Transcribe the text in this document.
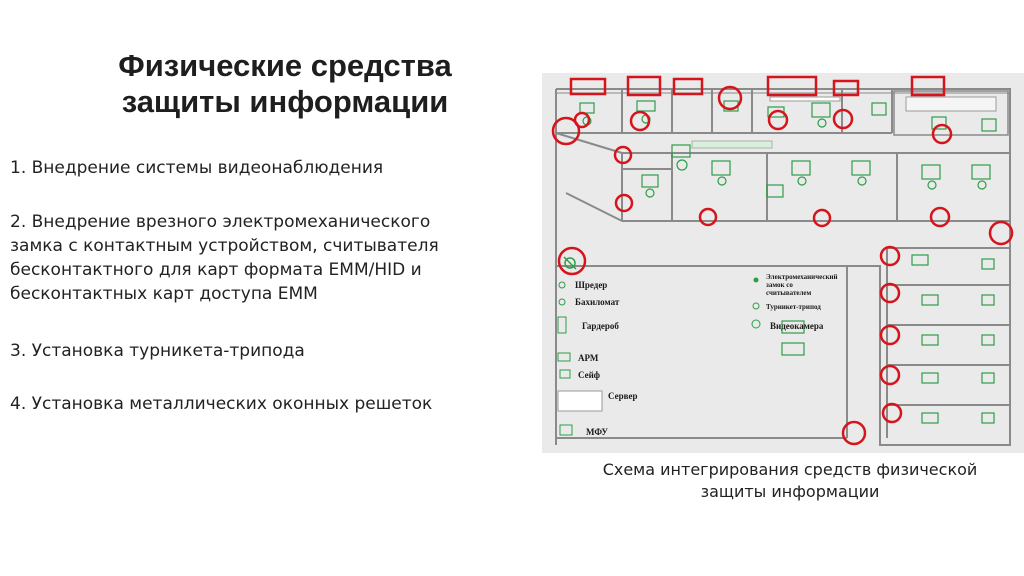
Физические средства
защиты информации
1. Внедрение системы видеонаблюдения
2. Внедрение врезного электромеханического
замка с контактным устройством, считывателя
бесконтактного для карт формата EMM/HID и
бесконтактных карт доступа EMM
3. Установка турникета-трипода
4. Установка металлических оконных решеток
Шредер
Бахиломат
Гардероб
АРМ
Сейф
Сервер
МФУ
Электромеханический
замок со
считывателем
Турникет-трипод
Видеокамера
Схема интегрирования средств физической
защиты информации
